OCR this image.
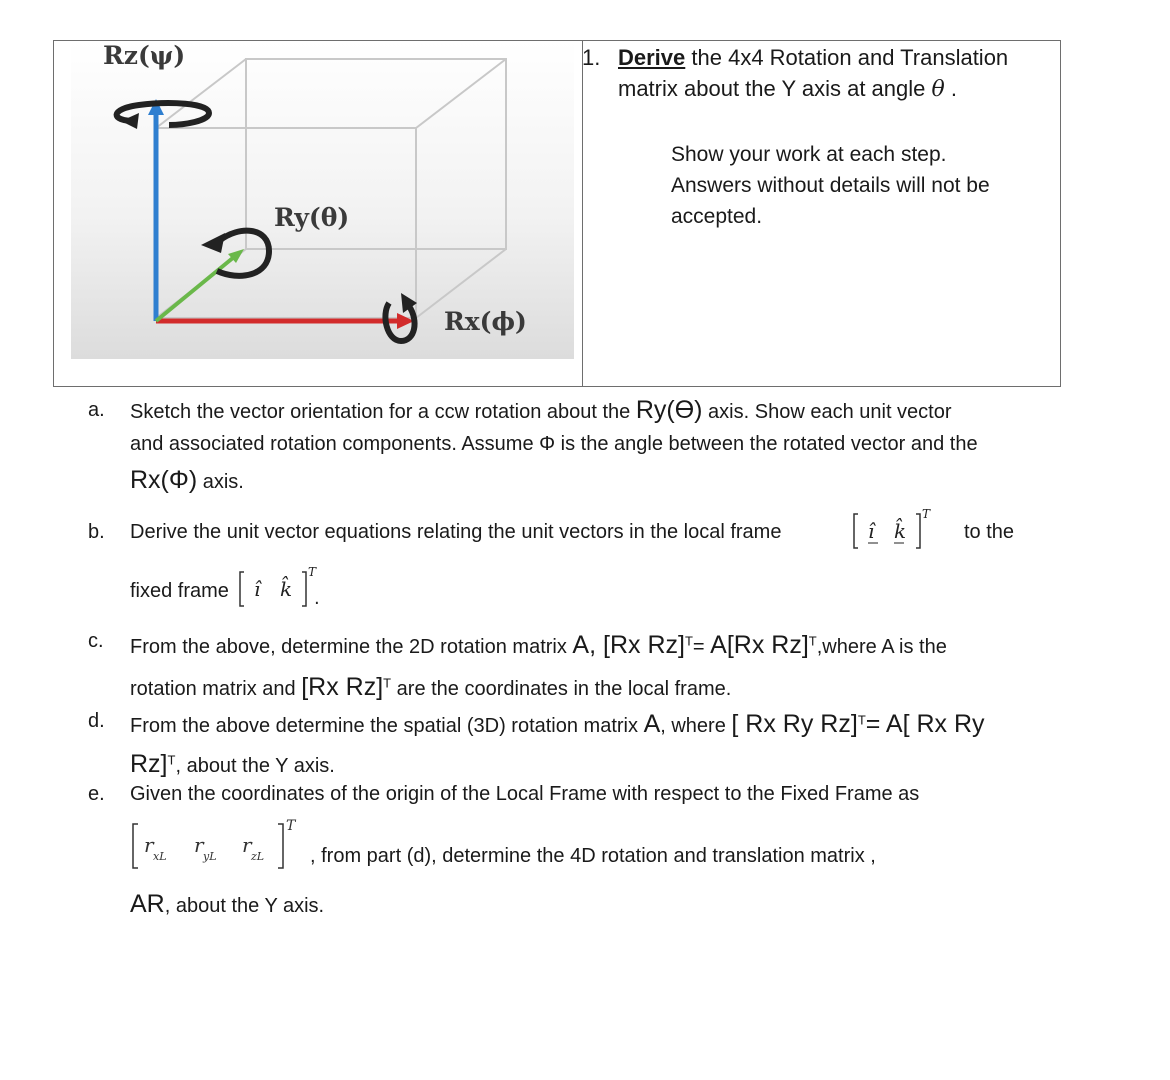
Rz(ψ)
Ry(θ)
Rx(ϕ)
1. Derive the 4x4 Rotation and Translation
matrix about the Y axis at angle θ .
Show your work at each step.
Answers without details will not be
accepted.
a.	Sketch the vector orientation for a ccw rotation about the Ry(Ө) axis. Show each unit vector
and associated rotation components. Assume Φ is the angle between the rotated vector and the
Rx(Φ) axis.
b.	Derive the unit vector equations relating the unit vectors in the local frame	î k̂
T
to the
fixed frame î k̂
T
.
c.	From the above, determine the 2D rotation matrix A, [Rx Rz]$^T$= A[Rx Rz]$^T$,where A is the
rotation matrix and [Rx Rz]$^T$ are the coordinates in the local frame.
d.	From the above determine the spatial (3D) rotation matrix A, where [ Rx Ry Rz]$^T$= A[ Rx Ry
Rz]$^T$, about the Y axis.
e.	Given the coordinates of the origin of the Local Frame with respect to the Fixed Frame as
r xL r yL r zL
T
, from part (d), determine the 4D rotation and translation matrix ,
AR, about the Y axis.
